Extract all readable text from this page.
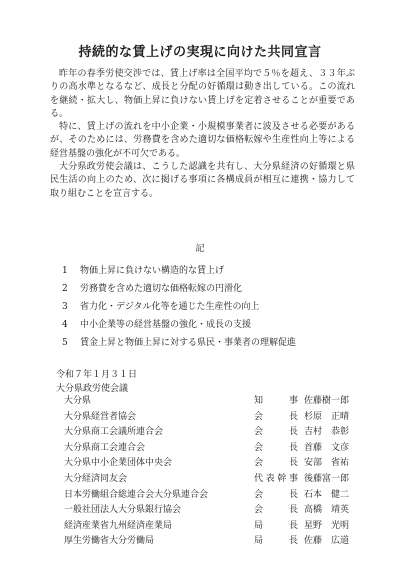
持続的な賃上げの実現に向けた共同宣言

昨年の春季労使交渉では、賃上げ率は全国平均で５％を超え、３３年ぶりの高水準となるなど、成長と分配の好循環は動き出している。この流れを継続・拡大し、物価上昇に負けない賃上げを定着させることが重要である。

特に、賃上げの流れを中小企業・小規模事業者に波及させる必要があるが、そのためには、労務費を含めた適切な価格転嫁や生産性向上等による経営基盤の強化が不可欠である。

大分県政労使会議は、こうした認識を共有し、大分県経済の好循環と県民生活の向上のため、次に掲げる事項に各構成員が相互に連携・協力して取り組むことを宣言する。

記
1	物価上昇に負けない構造的な賃上げ
2	労務費を含めた適切な価格転嫁の円滑化
3	省力化・デジタル化等を通じた生産性の向上
4	中小企業等の経営基盤の強化・成長の支援
5	賃金上昇と物価上昇に対する県民・事業者の理解促進
令和７年１月３１日
大分県政労使会議
大分県	知事 佐藤樹一郎
大分県経営者協会	会長 杉原　正晴
大分県商工会議所連合会	会長 吉村　恭彰
大分県商工会連合会	会長 首藤　文彦
大分県中小企業団体中央会	会長 安部　省祐
大分経済同友会	代表幹事 後藤富一郎
日本労働組合総連合会大分県連合会	会長 石本　健二
一般社団法人大分県銀行協会	会長 高橋　靖英
経済産業省九州経済産業局	局長 星野　光明
厚生労働省大分労働局	局長 佐藤　広道
